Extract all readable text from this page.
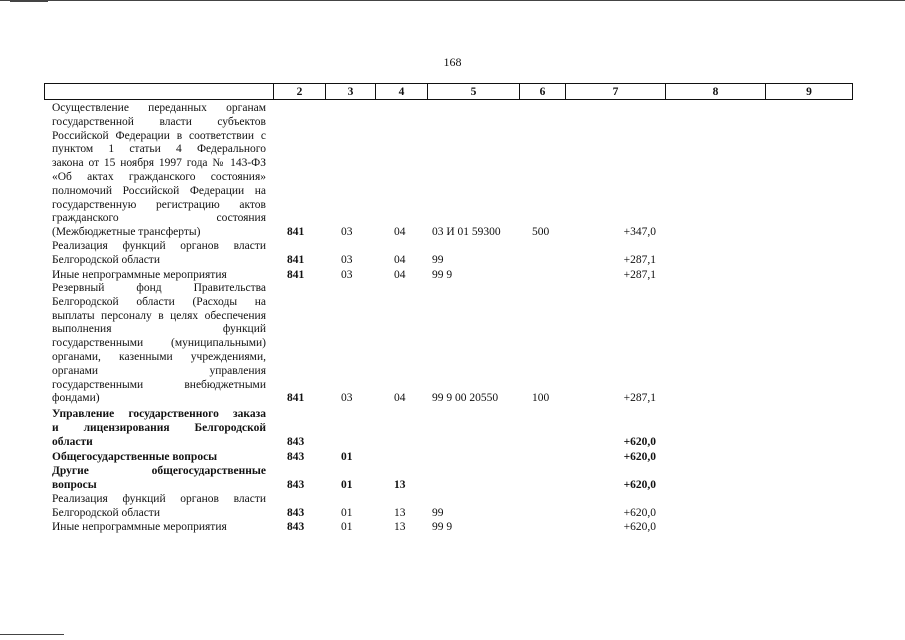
168
2	3	4	5	6	7	8	9
Осуществление переданных органам
государственной власти субъектов
Российской Федерации в соответствии с
пунктом 1 статьи 4 Федерального
закона от 15 ноября 1997 года № 143-ФЗ
«Об актах гражданского состояния»
полномочий Российской Федерации на
государственную регистрацию актов
гражданского состояния
(Межбюджетные трансферты)	841	03	04 03 И 01 59300	500	+347,0
Реализация функций органов власти
Белгородской области	841	03	04 99	+287,1
Иные непрограммные мероприятия	841	03	04 99 9	+287,1
Резервный фонд Правительства
Белгородской области (Расходы на
выплаты персоналу в целях обеспечения
выполнения функций
государственными (муниципальными)
органами, казенными учреждениями,
органами управления
государственными внебюджетными
фондами)	841	03	04 99 9 00 20550	100	+287,1
Управление государственного заказа
и лицензирования Белгородской
области	843	+620,0
Общегосударственные вопросы	843	01	+620,0
Другие общегосударственные
вопросы	843	01	13	+620,0
Реализация функций органов власти
Белгородской области	843	01	13 99	+620,0
Иные непрограммные мероприятия	843	01	13 99 9	+620,0
